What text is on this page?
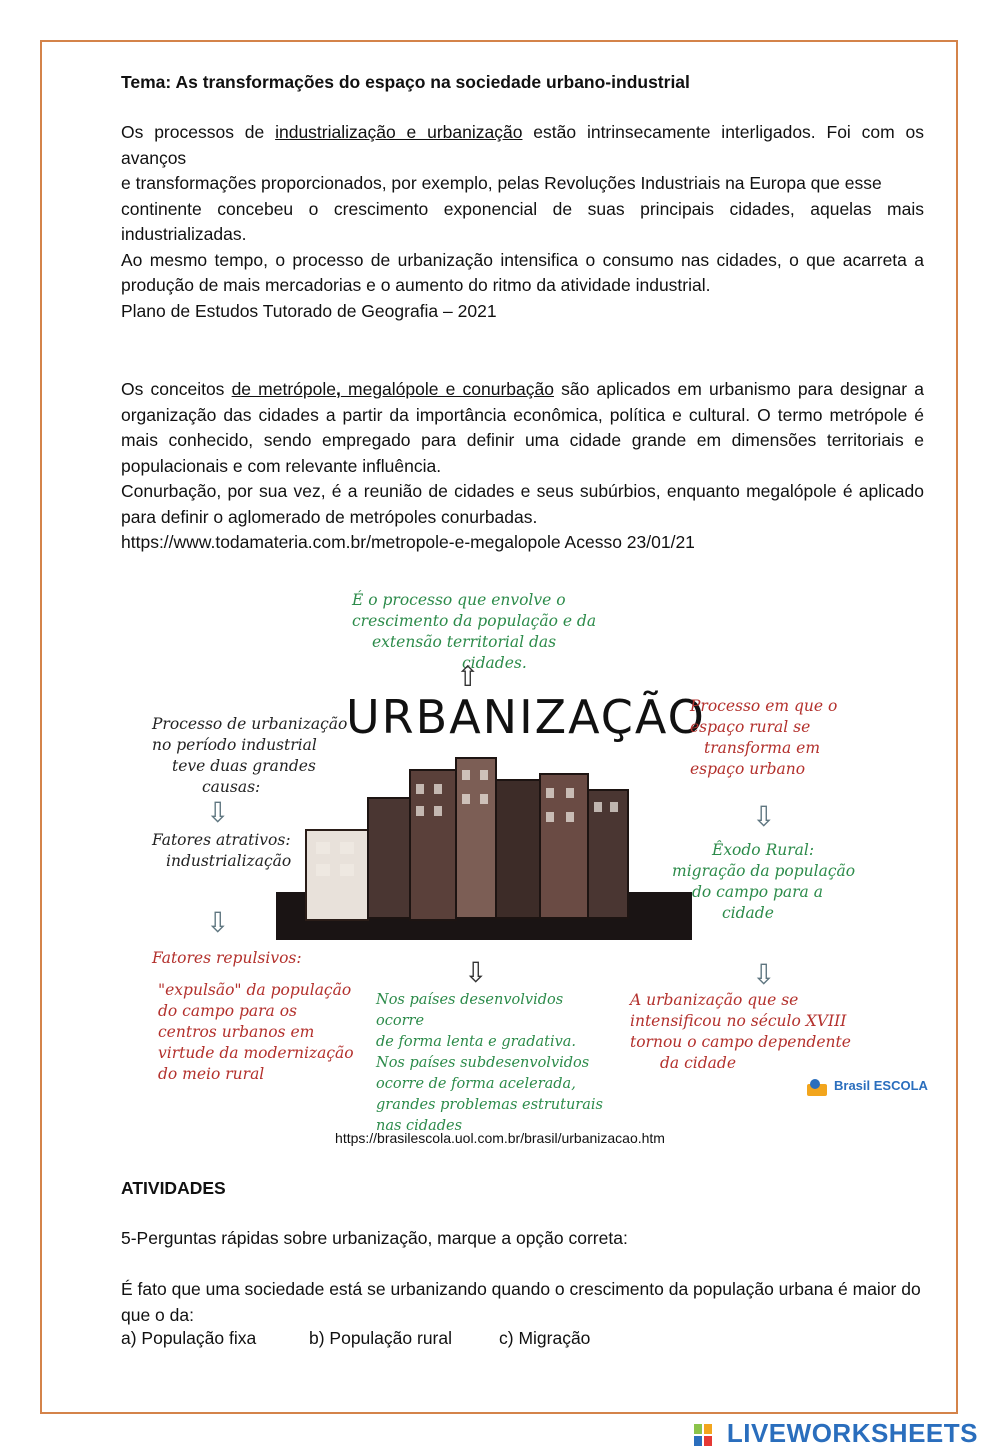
Tema: As transformações do espaço na sociedade urbano-industrial

Os processos de industrialização e urbanização estão intrinsecamente interligados. Foi com os avanços

e transformações proporcionados, por exemplo, pelas Revoluções Industriais na Europa que esse

continente concebeu o crescimento exponencial de suas principais cidades, aquelas mais industrializadas.

Ao mesmo tempo, o processo de urbanização intensifica o consumo nas cidades, o que acarreta a produção de mais mercadorias e o aumento do ritmo da atividade industrial.

Plano de Estudos Tutorado de Geografia – 2021

Os conceitos de metrópole, megalópole e conurbação são aplicados em urbanismo para designar a organização das cidades a partir da importância econômica, política e cultural. O termo metrópole é mais conhecido, sendo empregado para definir uma cidade grande em dimensões territoriais e populacionais e com relevante influência.

Conurbação, por sua vez, é a reunião de cidades e seus subúrbios, enquanto megalópole é aplicado para definir o aglomerado de metrópoles conurbadas.

https://www.todamateria.com.br/metropole-e-megalopole Acesso 23/01/21

É o processo que envolve o
crescimento da população e da
extensão territorial das
cidades.
⇧
URBANIZAÇÃO
Processo de urbanização
no período industrial
teve duas grandes
causas:
⇩
Fatores atrativos:
industrialização
⇩
Fatores repulsivos:
"expulsão" da população
do campo para os
centros urbanos em
virtude da modernização
do meio rural
Processo em que o
espaço rural se
transforma em
espaço urbano
⇩
Êxodo Rural:
migração da população
do campo para a
cidade
⇩
A urbanização que se
intensificou no século XVIII
tornou o campo dependente
da cidade
⇩
Nos países desenvolvidos ocorre
de forma lenta e gradativa.
Nos países subdesenvolvidos
ocorre de forma acelerada,
grandes problemas estruturais
nas cidades
Brasil ESCOLA
https://brasilescola.uol.com.br/brasil/urbanizacao.htm
ATIVIDADES
5-Perguntas rápidas sobre urbanização, marque a opção correta:
É fato que uma sociedade está se urbanizando quando o crescimento da população urbana é maior do que o da:
a) População fixa	b) População rural	c) Migração
LIVEWORKSHEETS
